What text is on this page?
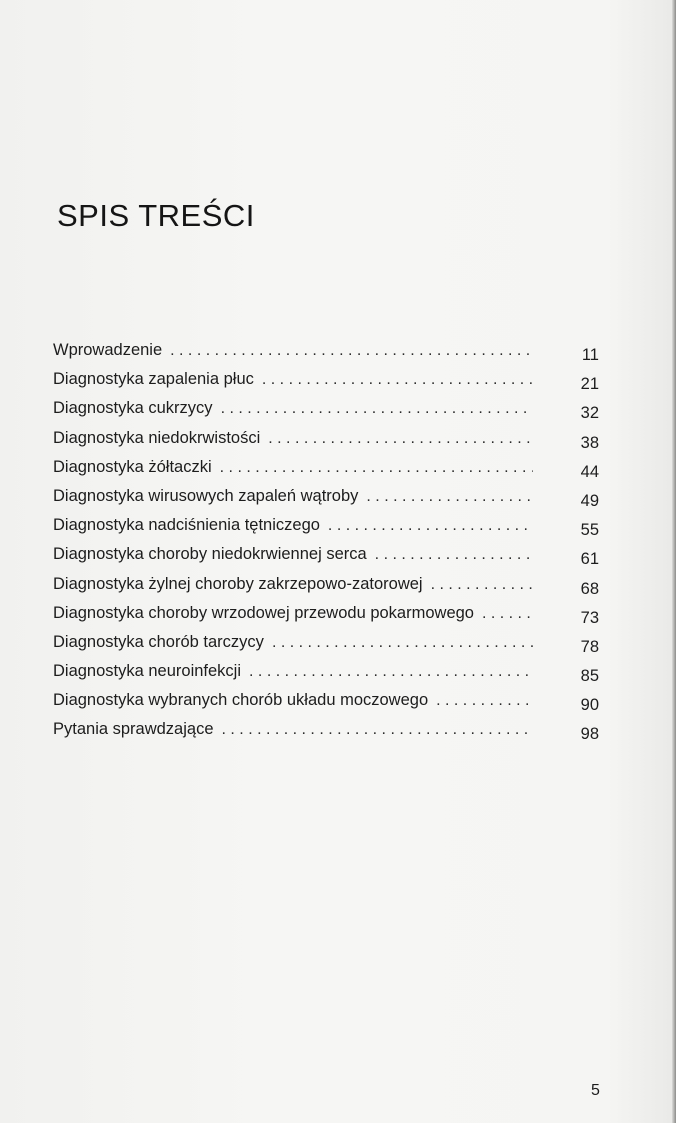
SPIS TREŚCI
Wprowadzenie . . .	11
Diagnostyka zapalenia płuc . . .	21
Diagnostyka cukrzycy . . .	32
Diagnostyka niedokrwistości . . .	38
Diagnostyka żółtaczki . . .	44
Diagnostyka wirusowych zapaleń wątroby . . .	49
Diagnostyka nadciśnienia tętniczego . . .	55
Diagnostyka choroby niedokrwiennej serca . . .	61
Diagnostyka żylnej choroby zakrzepowo-zatorowej . . .	68
Diagnostyka choroby wrzodowej przewodu pokarmowego . . .	73
Diagnostyka chorób tarczycy . . .	78
Diagnostyka neuroinfekcji . . .	85
Diagnostyka wybranych chorób układu moczowego . . .	90
Pytania sprawdzające . . .	98
5
